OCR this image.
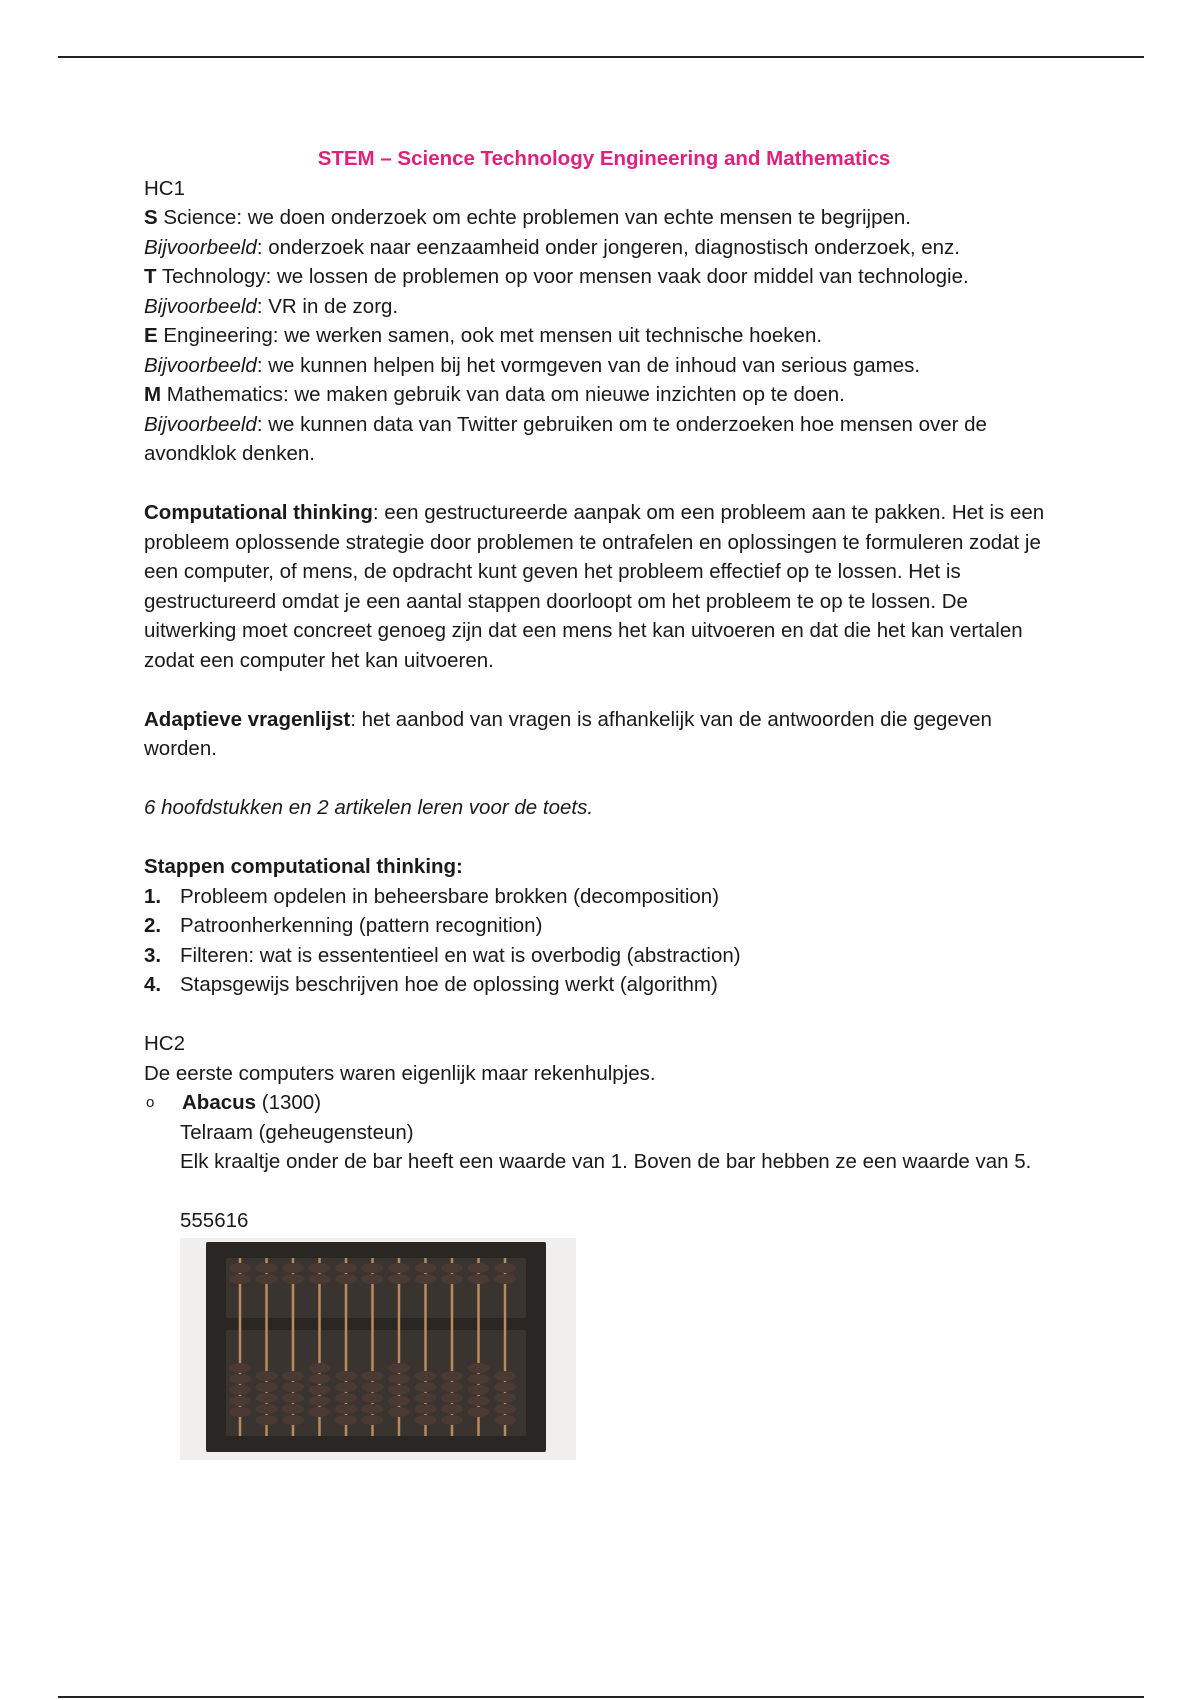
STEM – Science Technology Engineering and Mathematics

HC1

S Science: we doen onderzoek om echte problemen van echte mensen te begrijpen.

Bijvoorbeeld: onderzoek naar eenzaamheid onder jongeren, diagnostisch onderzoek, enz.

T Technology: we lossen de problemen op voor mensen vaak door middel van technologie.

Bijvoorbeeld: VR in de zorg.

E Engineering: we werken samen, ook met mensen uit technische hoeken.

Bijvoorbeeld: we kunnen helpen bij het vormgeven van de inhoud van serious games.

M Mathematics: we maken gebruik van data om nieuwe inzichten op te doen.

Bijvoorbeeld: we kunnen data van Twitter gebruiken om te onderzoeken hoe mensen over de avondklok denken.

Computational thinking: een gestructureerde aanpak om een probleem aan te pakken. Het is een probleem oplossende strategie door problemen te ontrafelen en oplossingen te formuleren zodat je een computer, of mens, de opdracht kunt geven het probleem effectief op te lossen. Het is gestructureerd omdat je een aantal stappen doorloopt om het probleem te op te lossen. De uitwerking moet concreet genoeg zijn dat een mens het kan uitvoeren en dat die het kan vertalen zodat een computer het kan uitvoeren.

Adaptieve vragenlijst: het aanbod van vragen is afhankelijk van de antwoorden die gegeven worden.

6 hoofdstukken en 2 artikelen leren voor de toets.

Stappen computational thinking:

1. Probleem opdelen in beheersbare brokken (decomposition)
2. Patroonherkenning (pattern recognition)
3. Filteren: wat is essententieel en wat is overbodig (abstraction)
4. Stapsgewijs beschrijven hoe de oplossing werkt (algorithm)

HC2

De eerste computers waren eigenlijk maar rekenhulpjes.

o	Abacus (1300)

Telraam (geheugensteun)

Elk kraaltje onder de bar heeft een waarde van 1. Boven de bar hebben ze een waarde van 5.

555616
